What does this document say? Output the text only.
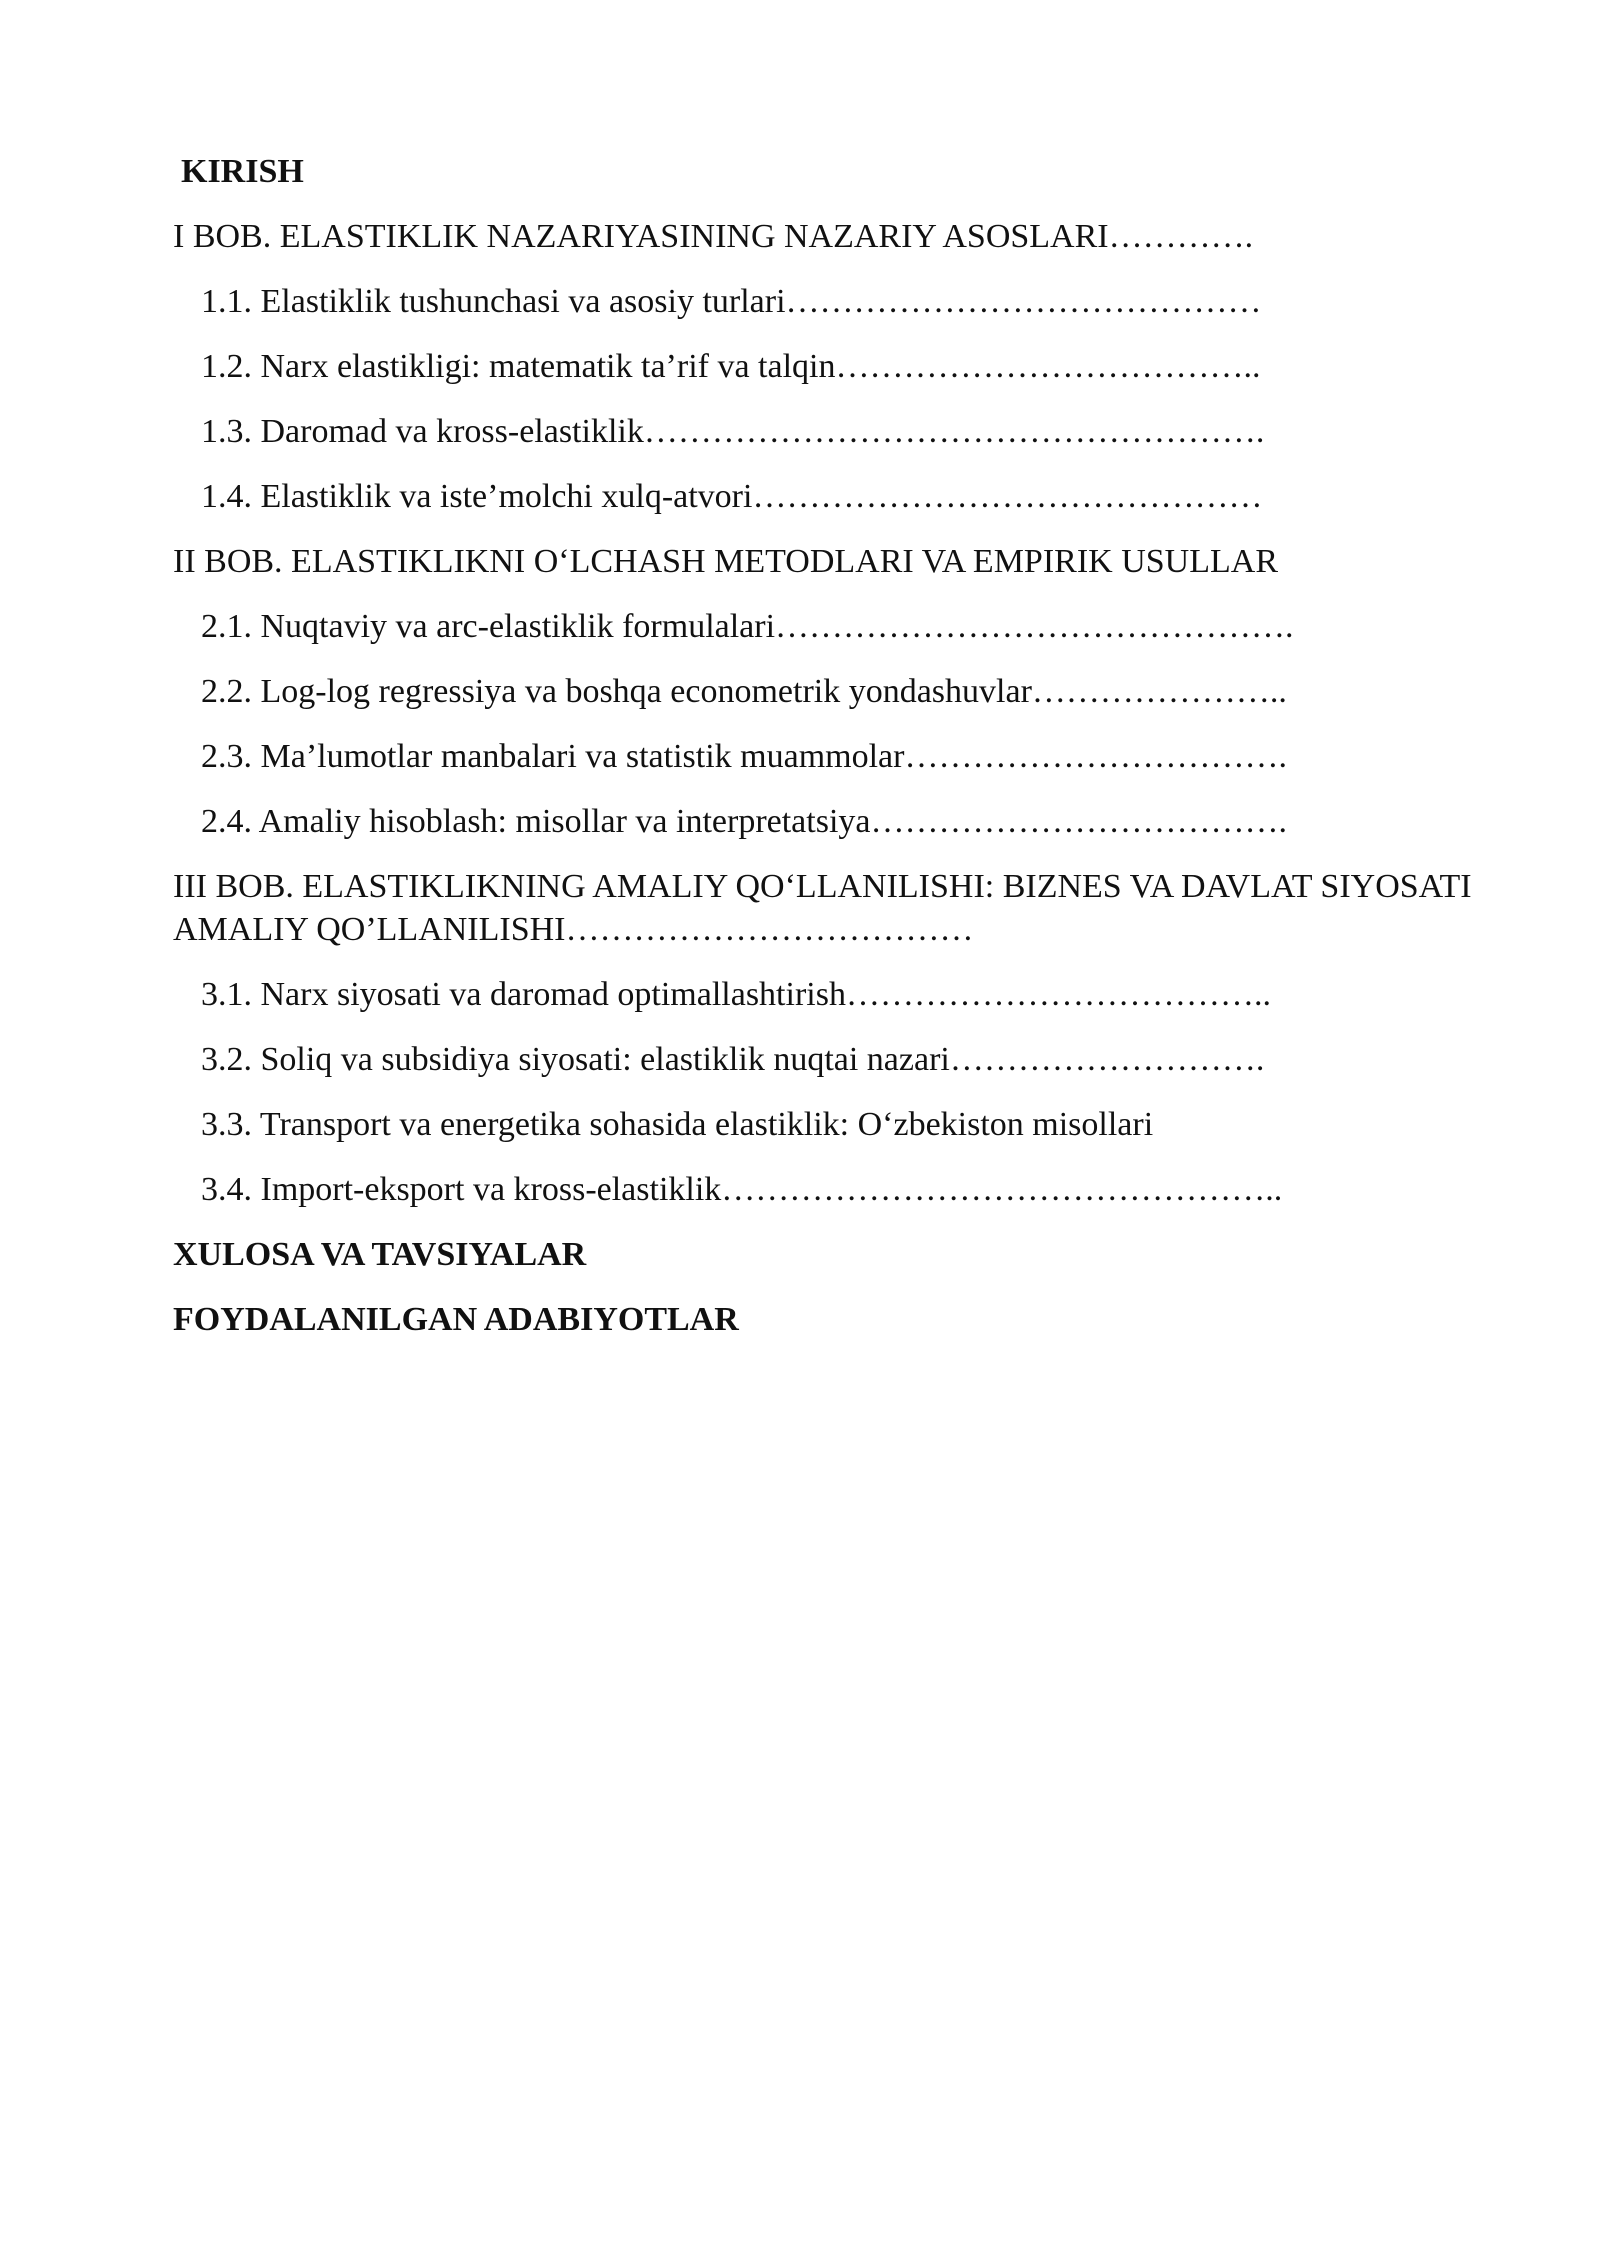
KIRISH
I BOB. ELASTIKLIK NAZARIYASINING NAZARIY ASOSLARI………….
1.1. Elastiklik tushunchasi va asosiy turlari……………………………………
1.2. Narx elastikligi: matematik ta’rif va talqin………………………………..
1.3. Daromad va kross-elastiklik……………………………………………….
1.4. Elastiklik va iste’molchi xulq-atvori………………………………………
II BOB. ELASTIKLIKNI O‘LCHASH METODLARI VA EMPIRIK USULLAR
2.1. Nuqtaviy va arc-elastiklik formulalari……………………………………….
2.2. Log-log regressiya va boshqa econometrik yondashuvlar…………………..
2.3. Ma’lumotlar manbalari va statistik muammolar…………………………….
2.4. Amaliy hisoblash: misollar va interpretatsiya……………………………….
III BOB. ELASTIKLIKNING AMALIY QO‘LLANILISHI: BIZNES VA DAVLAT SIYOSATI AMALIY QO’LLANILISHI………………………………
3.1. Narx siyosati va daromad optimallashtirish………………………………..
3.2. Soliq va subsidiya siyosati: elastiklik nuqtai nazari……………………….
3.3. Transport va energetika sohasida elastiklik: O‘zbekiston misollari
3.4. Import-eksport va kross-elastiklik…………………………………………..
XULOSA VA TAVSIYALAR
FOYDALANILGAN ADABIYOTLAR
